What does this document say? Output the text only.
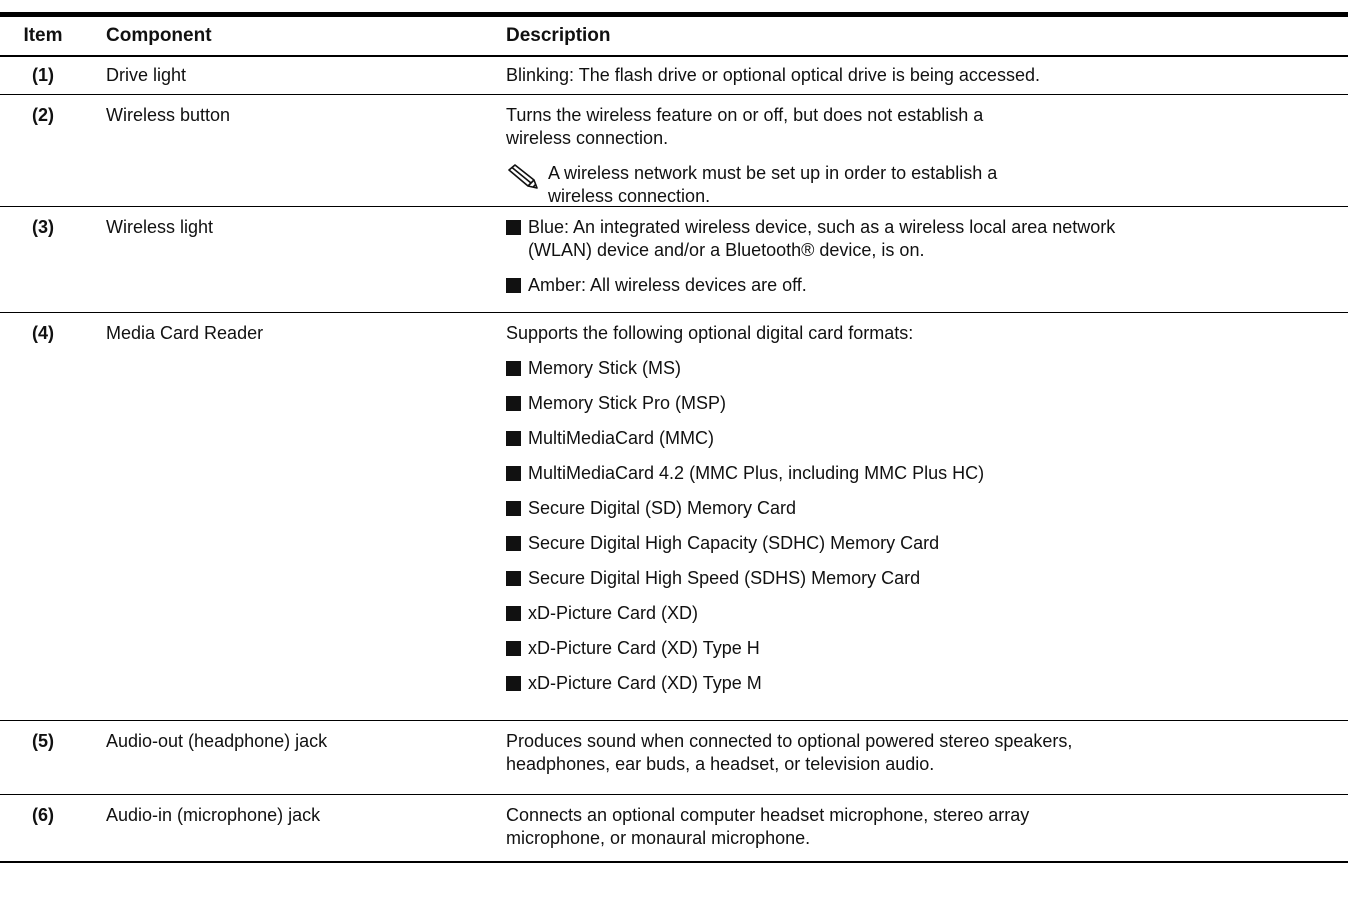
Item	Component	Description
(1)	Drive light	Blinking: The flash drive or optional optical drive is being accessed.

(2)	Wireless button	Turns the wireless feature on or off, but does not establish a

wireless connection.

A wireless network must be set up in order to establish a

wireless connection.

(3)	Wireless light	Blue: An integrated wireless device, such as a wireless local area network

(WLAN) device and/or a Bluetooth® device, is on.

Amber: All wireless devices are off.

(4)	Media Card Reader	Supports the following optional digital card formats:

Memory Stick (MS)

Memory Stick Pro (MSP)

MultiMediaCard (MMC)

MultiMediaCard 4.2 (MMC Plus, including MMC Plus HC)

Secure Digital (SD) Memory Card

Secure Digital High Capacity (SDHC) Memory Card

Secure Digital High Speed (SDHS) Memory Card

xD-Picture Card (XD)

xD-Picture Card (XD) Type H

xD-Picture Card (XD) Type M

(5)	Audio-out (headphone) jack	Produces sound when connected to optional powered stereo speakers,

headphones, ear buds, a headset, or television audio.

(6)	Audio-in (microphone) jack	Connects an optional computer headset microphone, stereo array

microphone, or monaural microphone.
